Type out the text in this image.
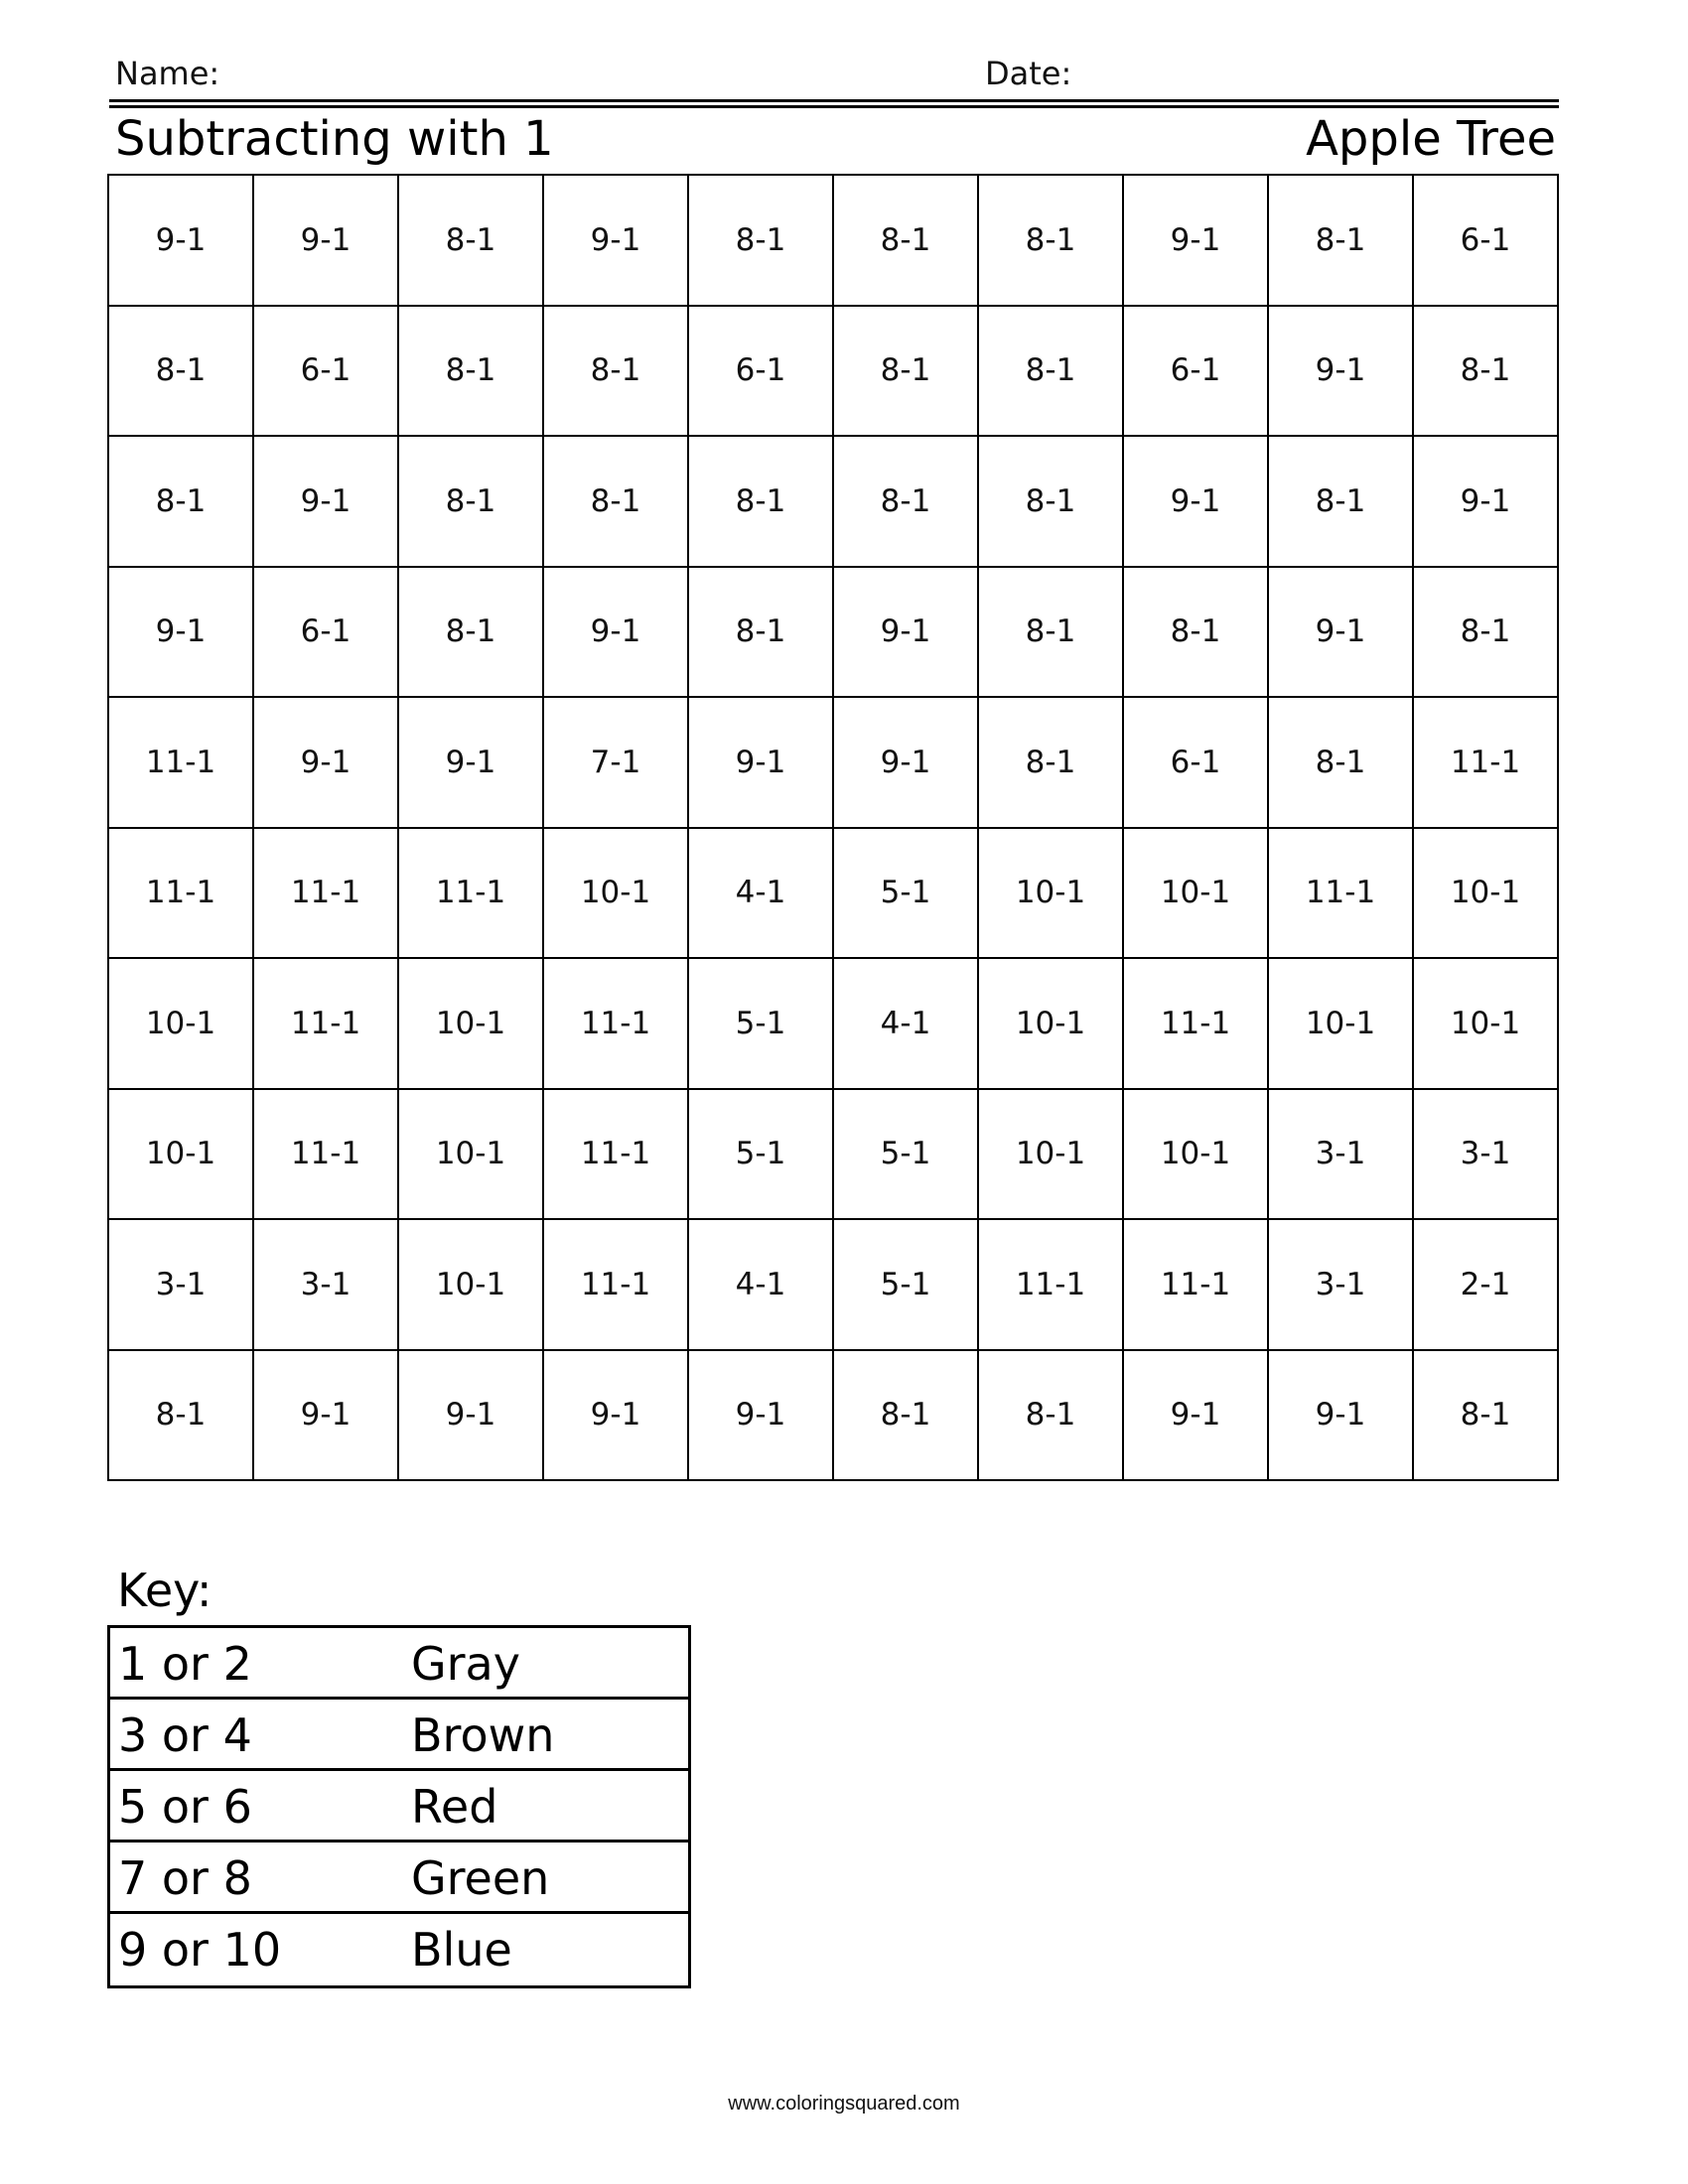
Name:	Date:
Subtracting with 1	Apple Tree
9-1	9-1	8-1	9-1	8-1	8-1	8-1	9-1	8-1	6-1
8-1	6-1	8-1	8-1	6-1	8-1	8-1	6-1	9-1	8-1
8-1	9-1	8-1	8-1	8-1	8-1	8-1	9-1	8-1	9-1
9-1	6-1	8-1	9-1	8-1	9-1	8-1	8-1	9-1	8-1
11-1	9-1	9-1	7-1	9-1	9-1	8-1	6-1	8-1	11-1
11-1	11-1	11-1	10-1	4-1	5-1	10-1	10-1	11-1	10-1
10-1	11-1	10-1	11-1	5-1	4-1	10-1	11-1	10-1	10-1
10-1	11-1	10-1	11-1	5-1	5-1	10-1	10-1	3-1	3-1
3-1	3-1	10-1	11-1	4-1	5-1	11-1	11-1	3-1	2-1
8-1	9-1	9-1	9-1	9-1	8-1	8-1	9-1	9-1	8-1
Key:
1 or 2	Gray
3 or 4	Brown
5 or 6	Red
7 or 8	Green
9 or 10	Blue
www.coloringsquared.com
